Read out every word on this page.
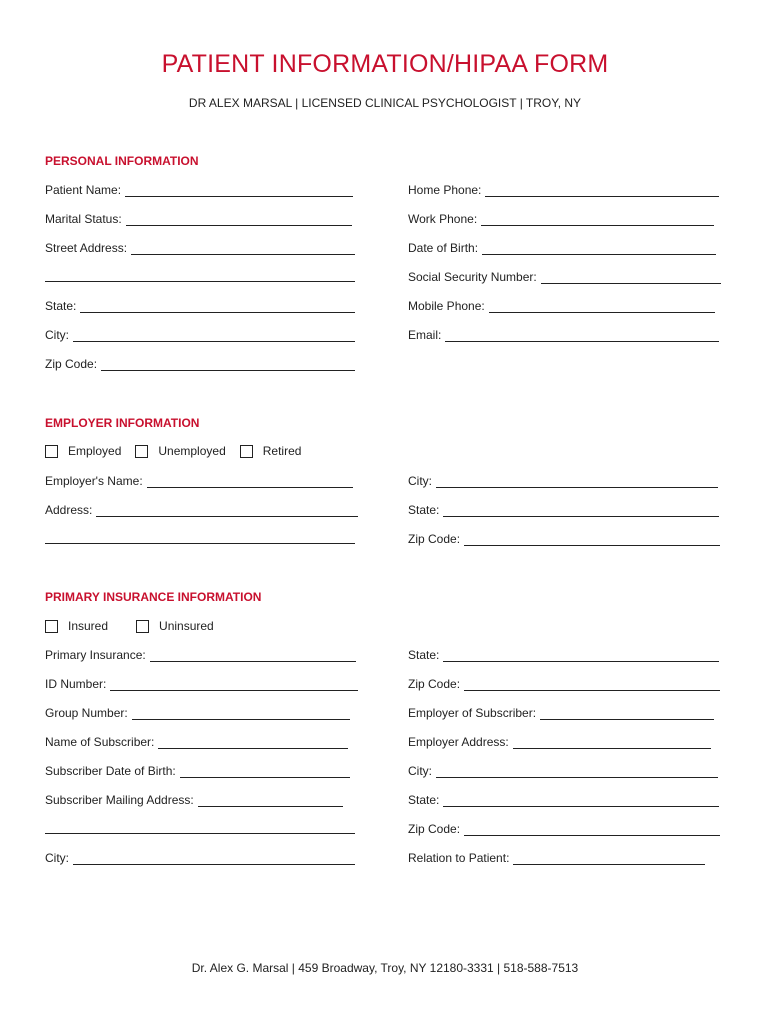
PATIENT INFORMATION/HIPAA FORM
DR ALEX MARSAL | LICENSED CLINICAL PSYCHOLOGIST | TROY, NY
PERSONAL INFORMATION
Patient Name:
Marital Status:
Street Address:
State:
City:
Zip Code:
Home Phone:
Work Phone:
Date of Birth:
Social Security Number:
Mobile Phone:
Email:
EMPLOYER INFORMATION
Employed	Unemployed	Retired
Employer's Name:
Address:
City:
State:
Zip Code:
PRIMARY INSURANCE INFORMATION
Insured	Uninsured
Primary Insurance:
ID Number:
Group Number:
Name of Subscriber:
Subscriber Date of Birth:
Subscriber Mailing Address:
City:
State:
Zip Code:
Employer of Subscriber:
Employer Address:
City:
State:
Zip Code:
Relation to Patient:
Dr. Alex G. Marsal | 459 Broadway, Troy, NY 12180-3331 | 518-588-7513
